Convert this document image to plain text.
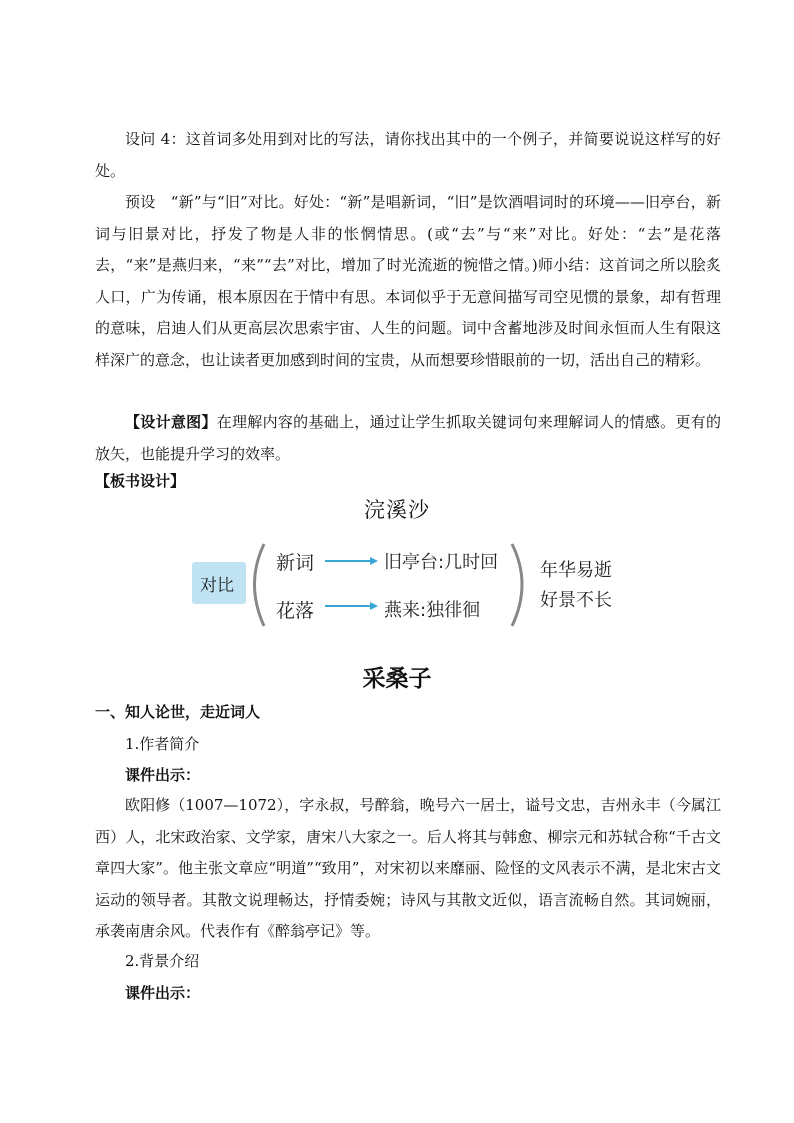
设问 4：这首词多处用到对比的写法，请你找出其中的一个例子，并简要说说这样写的好处。

预设　“新”与“旧”对比。好处：“新”是唱新词，“旧”是饮酒唱词时的环境——旧亭台，新词与旧景对比，抒发了物是人非的怅惘情思。(或“去”与“来”对比。好处：“去”是花落去，“来”是燕归来，“来”“去”对比，增加了时光流逝的惋惜之情。)师小结：这首词之所以脍炙人口，广为传诵，根本原因在于情中有思。本词似乎于无意间描写司空见惯的景象，却有哲理的意味，启迪人们从更高层次思索宇宙、人生的问题。词中含蓄地涉及时间永恒而人生有限这样深广的意念，也让读者更加感到时间的宝贵，从而想要珍惜眼前的一切，活出自己的精彩。

【设计意图】在理解内容的基础上，通过让学生抓取关键词句来理解词人的情感。更有的放矢，也能提升学习的效率。

【板书设计】
浣溪沙
对比
新词	旧亭台:几时回
花落	燕来:独徘徊
年华易逝
好景不长
采桑子
一、知人论世，走近词人
1.作者简介
课件出示：

欧阳修（1007—1072），字永叔，号醉翁，晚号六一居士，谥号文忠，吉州永丰（今属江西）人，北宋政治家、文学家，唐宋八大家之一。后人将其与韩愈、柳宗元和苏轼合称“千古文章四大家”。他主张文章应“明道”“致用”，对宋初以来靡丽、险怪的文风表示不满，是北宋古文运动的领导者。其散文说理畅达，抒情委婉；诗风与其散文近似，语言流畅自然。其词婉丽，承袭南唐余风。代表作有《醉翁亭记》等。

2.背景介绍
课件出示：
